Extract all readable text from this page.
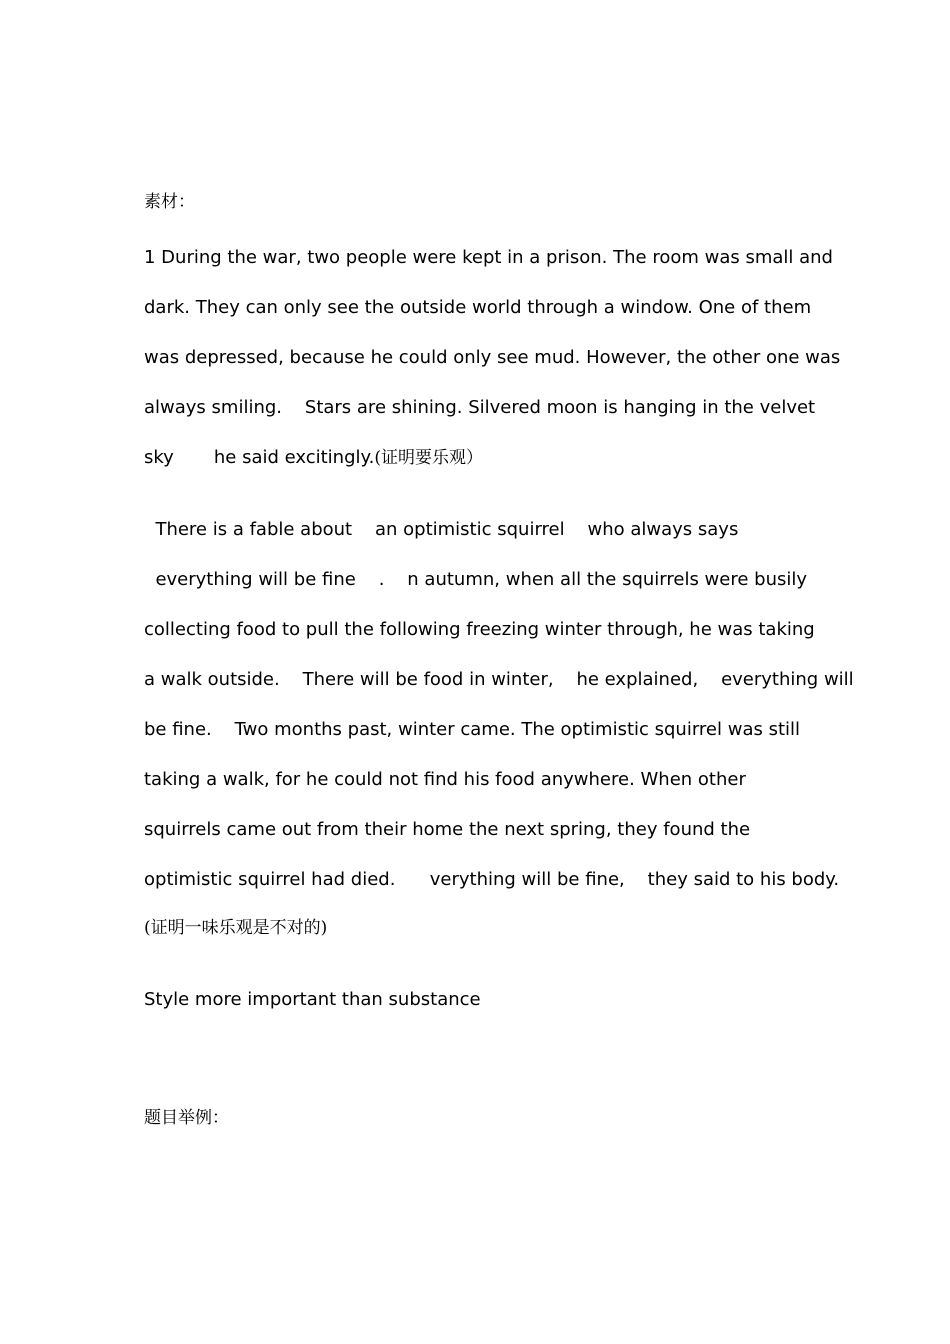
素材：
1 During the war, two people were kept in a prison. The room was small and
dark. They can only see the outside world through a window. One of them
was depressed, because he could only see mud. However, the other one was
always smiling.    Stars are shining. Silvered moon is hanging in the velvet
sky       he said excitingly.(证明要乐观）
There is a fable about    an optimistic squirrel    who always says
everything will be fine    .    n autumn, when all the squirrels were busily
collecting food to pull the following freezing winter through, he was taking
a walk outside.    There will be food in winter,    he explained,    everything will
be fine.    Two months past, winter came. The optimistic squirrel was still
taking a walk, for he could not find his food anywhere. When other
squirrels came out from their home the next spring, they found the
optimistic squirrel had died.      verything will be fine,    they said to his body.
(证明一味乐观是不对的)
Style more important than substance
题目举例：
